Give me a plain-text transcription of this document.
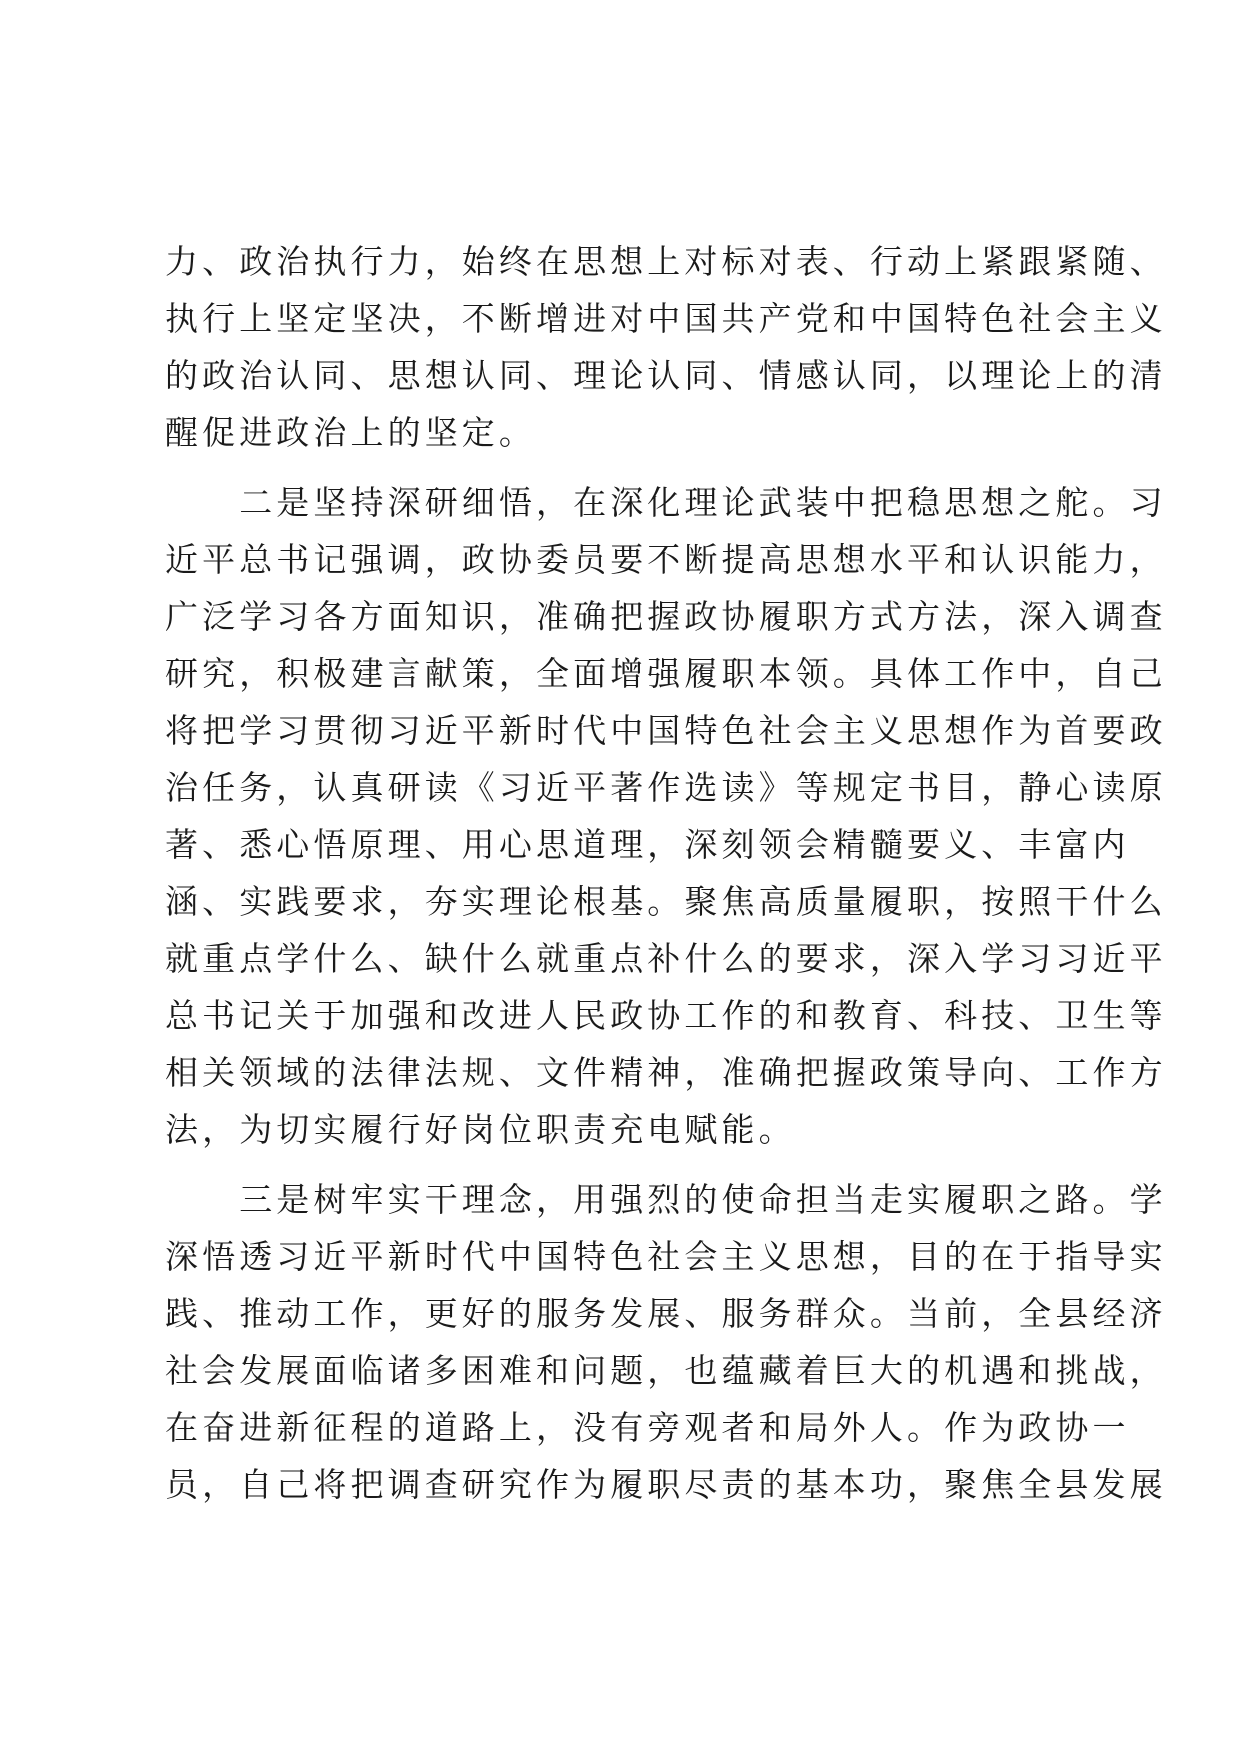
力、政治执行力，始终在思想上对标对表、行动上紧跟紧随、
执行上坚定坚决，不断增进对中国共产党和中国特色社会主义
的政治认同、思想认同、理论认同、情感认同，以理论上的清
醒促进政治上的坚定。
　　二是坚持深研细悟，在深化理论武装中把稳思想之舵。习
近平总书记强调，政协委员要不断提高思想水平和认识能力，
广泛学习各方面知识，准确把握政协履职方式方法，深入调查
研究，积极建言献策，全面增强履职本领。具体工作中，自己
将把学习贯彻习近平新时代中国特色社会主义思想作为首要政
治任务，认真研读《习近平著作选读》等规定书目，静心读原
著、悉心悟原理、用心思道理，深刻领会精髓要义、丰富内
涵、实践要求，夯实理论根基。聚焦高质量履职，按照干什么
就重点学什么、缺什么就重点补什么的要求，深入学习习近平
总书记关于加强和改进人民政协工作的和教育、科技、卫生等
相关领域的法律法规、文件精神，准确把握政策导向、工作方
法，为切实履行好岗位职责充电赋能。
　　三是树牢实干理念，用强烈的使命担当走实履职之路。学
深悟透习近平新时代中国特色社会主义思想，目的在于指导实
践、推动工作，更好的服务发展、服务群众。当前，全县经济
社会发展面临诸多困难和问题，也蕴藏着巨大的机遇和挑战，
在奋进新征程的道路上，没有旁观者和局外人。作为政协一
员，自己将把调查研究作为履职尽责的基本功，聚焦全县发展
